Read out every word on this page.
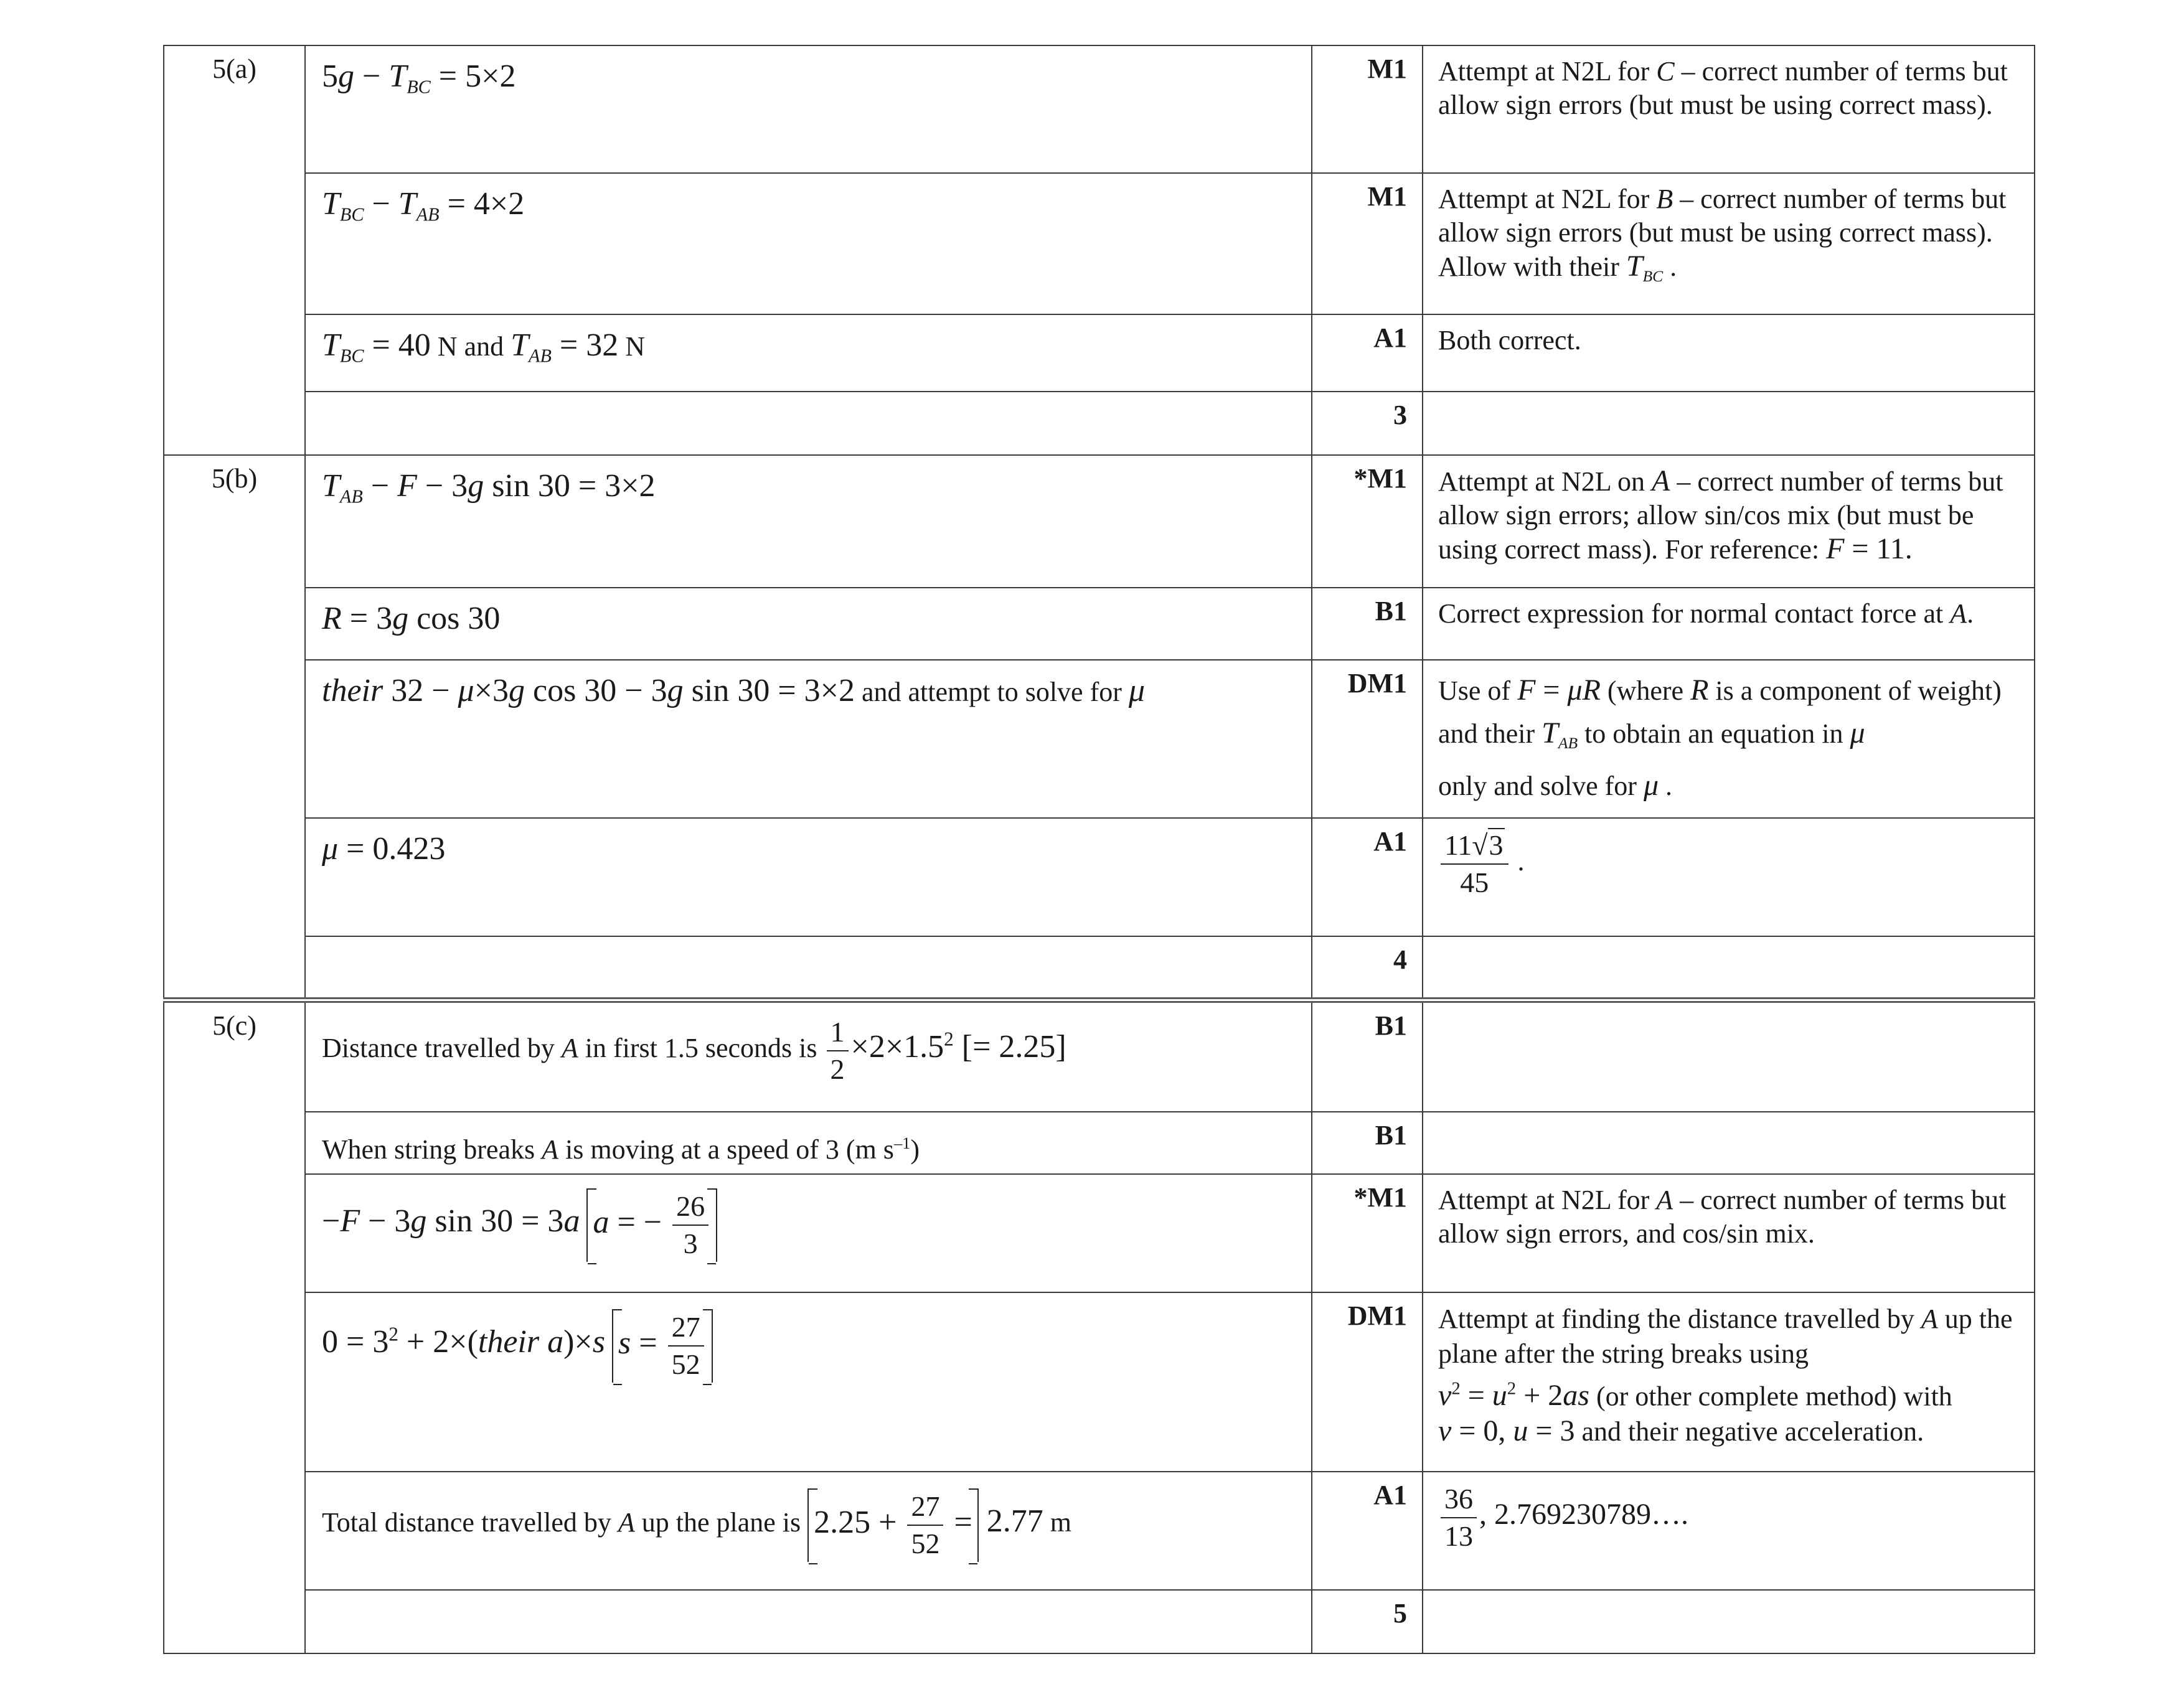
5(a)	$5g - T_{BC} = 5\times 2$	M1	Attempt at N2L for C – correct number of terms but allow sign errors (but must be using correct mass).
	$T_{BC} - T_{AB} = 4\times 2$	M1	Attempt at N2L for B – correct number of terms but allow sign errors (but must be using correct mass). Allow with their $T_{BC}$ .
	$T_{BC} = 40$ N and $T_{AB} = 32$ N	A1	Both correct.
		3	
5(b)	$T_{AB} - F - 3g$ sin 30 = 3×2	*M1	Attempt at N2L on A – correct number of terms but allow sign errors; allow sin/cos mix (but must be using correct mass). For reference: F = 11.
	R = 3g cos 30	B1	Correct expression for normal contact force at A.
	their 32 − μ×3g cos 30 − 3g sin 30 = 3×2 and attempt to solve for μ	DM1	Use of F = μR (where R is a component of weight) and their $T_{AB}$ to obtain an equation in μ
only and solve for μ .
	μ = 0.423	A1	$\frac{11√3}{45}$ .
		4	
5(c)	Distance travelled by A in first 1.5 seconds is $\frac{1}{2} \times 2\times 1.5^2$ [= 2.25]	B1	
	When string breaks A is moving at a speed of 3 (m $s^{-1}$)	B1	
	−F − 3g sin 30 = 3a a = − $\frac{26}{3}$	*M1	Attempt at N2L for A – correct number of terms but allow sign errors, and cos/sin mix.
	$0 = 3^2$ + 2×(their a)×s $s = \frac{27}{52}$	DM1	Attempt at finding the distance travelled by A up the plane after the string breaks using
$v^2 = u^2 + 2as$ (or other complete method) with
v = 0, u = 3 and their negative acceleration.
	Total distance travelled by A up the plane is $2.25 + \frac{27}{52} = 2.77$ m	A1	$\frac{36}{13}$ , 2.769230789….
		5	
